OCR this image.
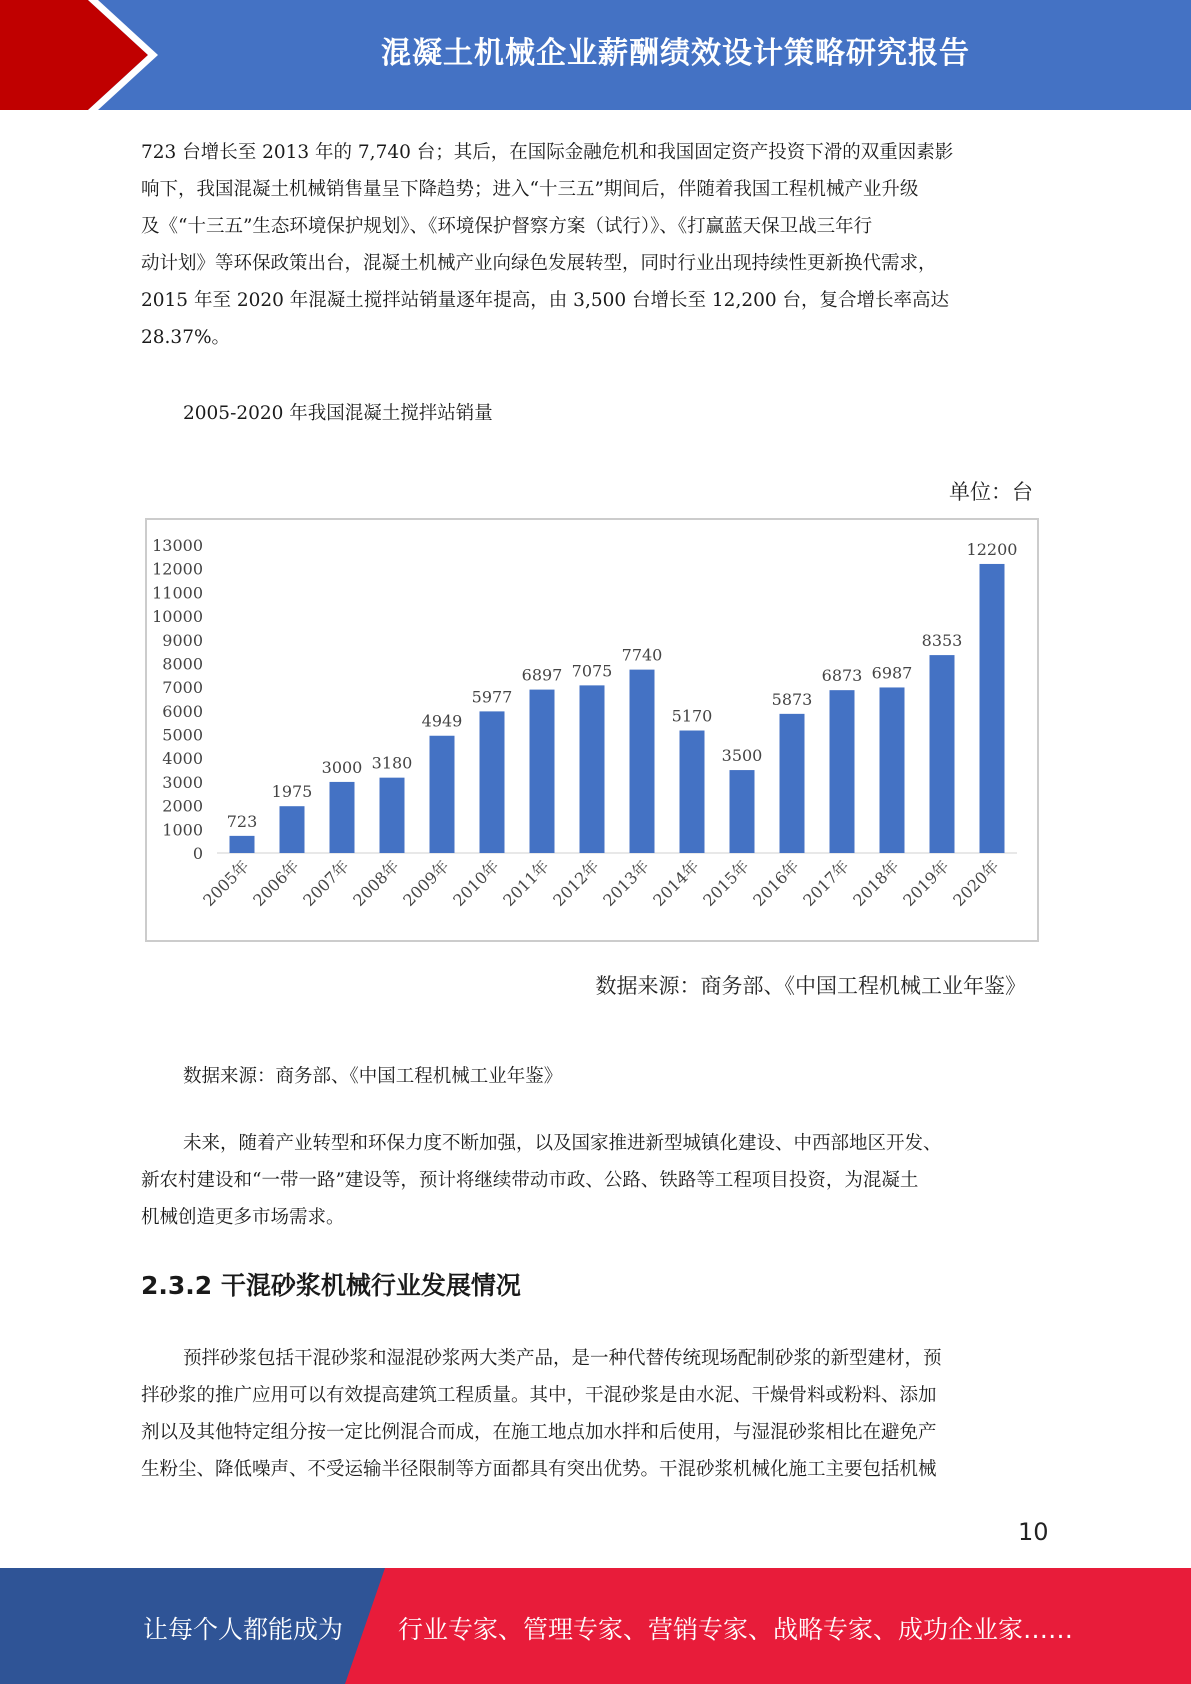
混凝土机械企业薪酬绩效设计策略研究报告
723 台增长至 2013 年的 7,740 台；其后，在国际金融危机和我国固定资产投资下滑的双重因素影
响下，我国混凝土机械销售量呈下降趋势；进入“十三五”期间后，伴随着我国工程机械产业升级
及《“十三五”生态环境保护规划》、《环境保护督察方案（试行）》、《打赢蓝天保卫战三年行
动计划》等环保政策出台，混凝土机械产业向绿色发展转型，同时行业出现持续性更新换代需求，
2015 年至 2020 年混凝土搅拌站销量逐年提高，由 3,500 台增长至 12,200 台，复合增长率高达
28.37%。

2005-2020 年我国混凝土搅拌站销量

单位：台
0
1000
2000
3000
4000
5000
6000
7000
8000
9000
10000
11000
12000
13000
723
2005年
1975
2006年
3000
2007年
3180
2008年
4949
2009年
5977
2010年
6897
2011年
7075
2012年
7740
2013年
5170
2014年
3500
2015年
5873
2016年
6873
2017年
6987
2018年
8353
2019年
12200
2020年
数据来源：商务部、《中国工程机械工业年鉴》

数据来源：商务部、《中国工程机械工业年鉴》

未来，随着产业转型和环保力度不断加强，以及国家推进新型城镇化建设、中西部地区开发、
新农村建设和“一带一路”建设等，预计将继续带动市政、公路、铁路等工程项目投资，为混凝土
机械创造更多市场需求。
2.3.2 干混砂浆机械行业发展情况
预拌砂浆包括干混砂浆和湿混砂浆两大类产品，是一种代替传统现场配制砂浆的新型建材，预
拌砂浆的推广应用可以有效提高建筑工程质量。其中，干混砂浆是由水泥、干燥骨料或粉料、添加
剂以及其他特定组分按一定比例混合而成，在施工地点加水拌和后使用，与湿混砂浆相比在避免产
生粉尘、降低噪声、不受运输半径限制等方面都具有突出优势。干混砂浆机械化施工主要包括机械
10
让每个人都能成为 行业专家、管理专家、营销专家、战略专家、成功企业家……
